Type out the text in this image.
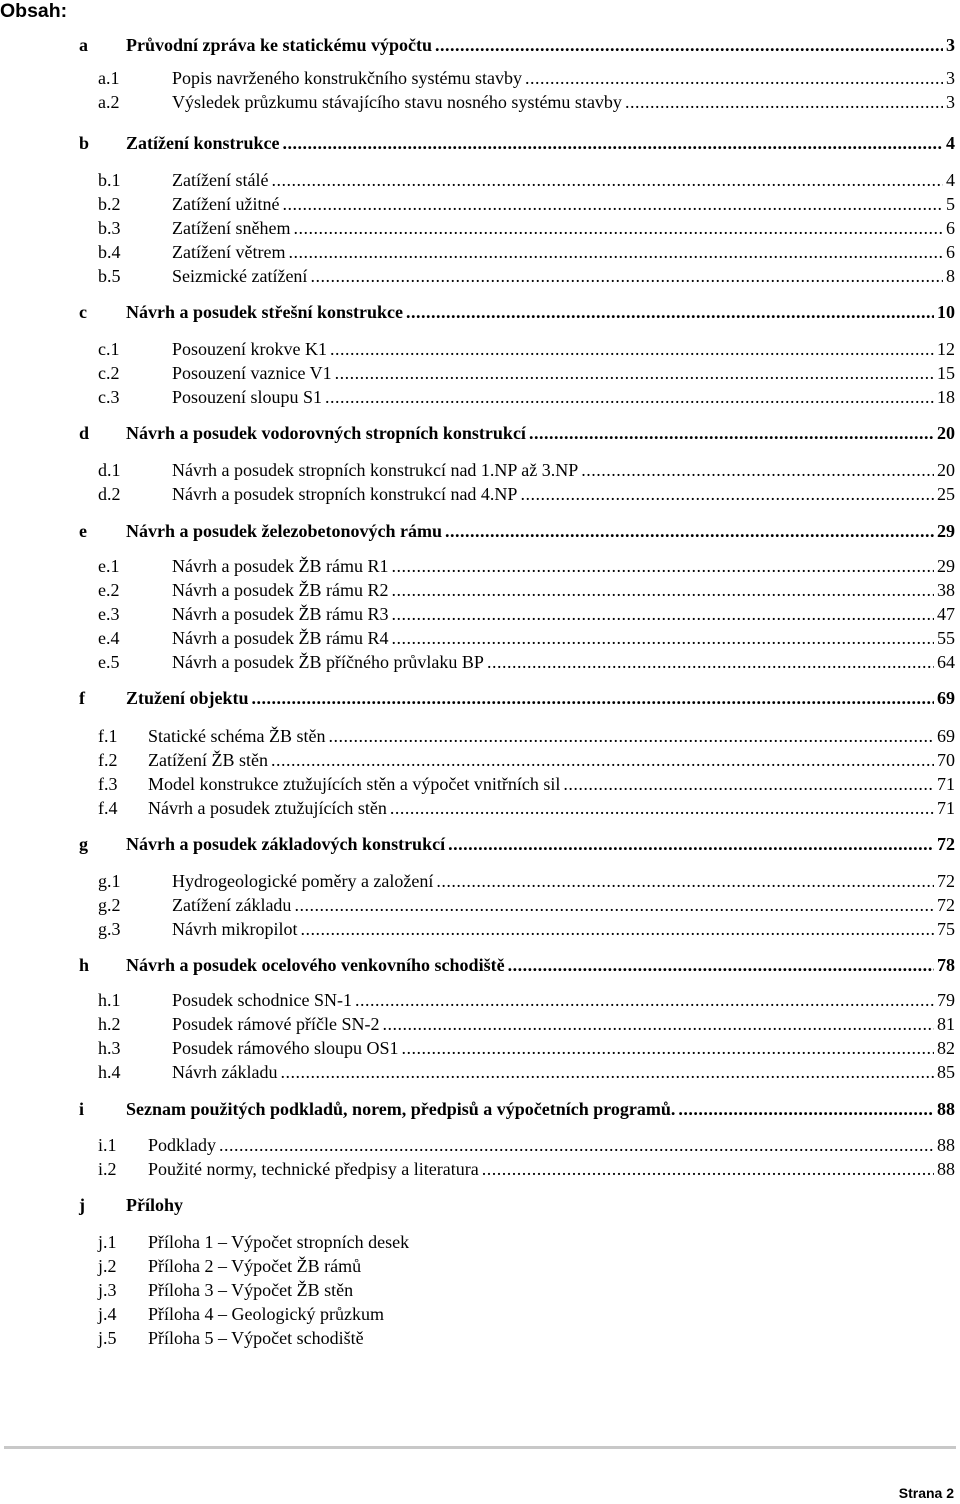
Obsah:
a Průvodní zpráva ke statickému výpočtu .....	3
a.1	Popis navrženého konstrukčního systému stavby .....	3
a.2	Výsledek průzkumu stávajícího stavu nosného systému stavby .....	3
b Zatížení konstrukce .....	4
b.1	Zatížení stálé .....	4
b.2	Zatížení užitné .....	5
b.3	Zatížení sněhem .....	6
b.4	Zatížení větrem .....	6
b.5	Seizmické zatížení .....	8
c Návrh a posudek střešní konstrukce .....	10
c.1	Posouzení krokve K1 .....	12
c.2	Posouzení vaznice V1 .....	15
c.3	Posouzení sloupu S1 .....	18
d Návrh a posudek vodorovných stropních konstrukcí .....	20
d.1	Návrh a posudek stropních konstrukcí nad 1.NP až 3.NP .....	20
d.2	Návrh a posudek stropních konstrukcí nad 4.NP .....	25
e Návrh a posudek železobetonových rámu .....	29
e.1	Návrh a posudek ŽB rámu R1 .....	29
e.2	Návrh a posudek ŽB rámu R2 .....	38
e.3	Návrh a posudek ŽB rámu R3 .....	47
e.4	Návrh a posudek ŽB rámu R4 .....	55
e.5	Návrh a posudek ŽB příčného průvlaku BP .....	64
f Ztužení objektu .....	69
f.1 Statické schéma ŽB stěn .....	69
f.2 Zatížení ŽB stěn .....	70
f.3 Model konstrukce ztužujících stěn a výpočet vnitřních sil .....	71
f.4 Návrh a posudek ztužujících stěn .....	71
g Návrh a posudek základových konstrukcí .....	72
g.1	Hydrogeologické poměry a založení .....	72
g.2	Zatížení základu .....	72
g.3	Návrh mikropilot .....	75
h Návrh a posudek ocelového venkovního schodiště .....	78
h.1	Posudek schodnice SN-1 .....	79
h.2	Posudek rámové příčle SN-2 .....	81
h.3	Posudek rámového sloupu OS1 .....	82
h.4	Návrh základu .....	85
i Seznam použitých podkladů, norem, předpisů a výpočetních programů. .....	88
i.1 Podklady .....	88
i.2 Použité normy, technické předpisy a literatura .....	88
j Přílohy
j.1 Příloha 1 – Výpočet stropních desek
j.2 Příloha 2 – Výpočet ŽB rámů
j.3 Příloha 3 – Výpočet ŽB stěn
j.4 Příloha 4 – Geologický průzkum
j.5 Příloha 5 – Výpočet schodiště
Strana 2
